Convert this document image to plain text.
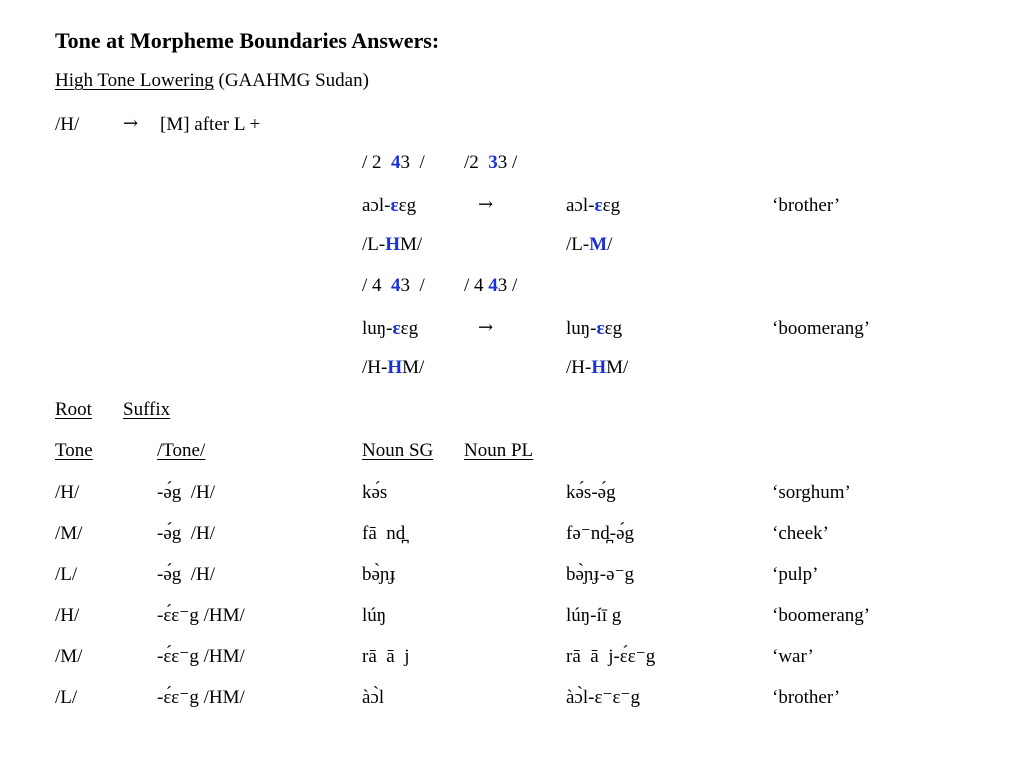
Tone at Morpheme Boundaries Answers:
High Tone Lowering (GAAHMG Sudan)
/H/ → [M] after L +
/ 2  43  / /2  33 /
aɔl-ɛɛg	→	aɔl-ɛɛg	‘brother’
/L-HM/	/L-M/
/ 4  43  / / 4 43 /
luŋ-ɛɛg	→	luŋ-ɛɛg	‘boomerang’
/H-HM/	/H-HM/
Root Suffix
Tone	/Tone/	Noun SG Noun PL
/H/	-ə́g  /H/	kə́s	kə́s-ə́g	‘sorghum’
/M/	-ə́g  /H/	fā  nd̪	fə⁻nd̪-ə́g	‘cheek’
/L/	-ə́g  /H/	bə̀ɲɟ	bə̀ɲɟ-ə⁻g	‘pulp’
/H/	-ɛ́ɛ⁻g /HM/	lúŋ	lúŋ-íī g	‘boomerang’
/M/	-ɛ́ɛ⁻g /HM/	rā  ā  j	rā  ā  j-ɛ́ɛ⁻g	‘war’
/L/	-ɛ́ɛ⁻g /HM/	àɔ̀l	àɔ̀l-ɛ⁻ɛ⁻g	‘brother’
